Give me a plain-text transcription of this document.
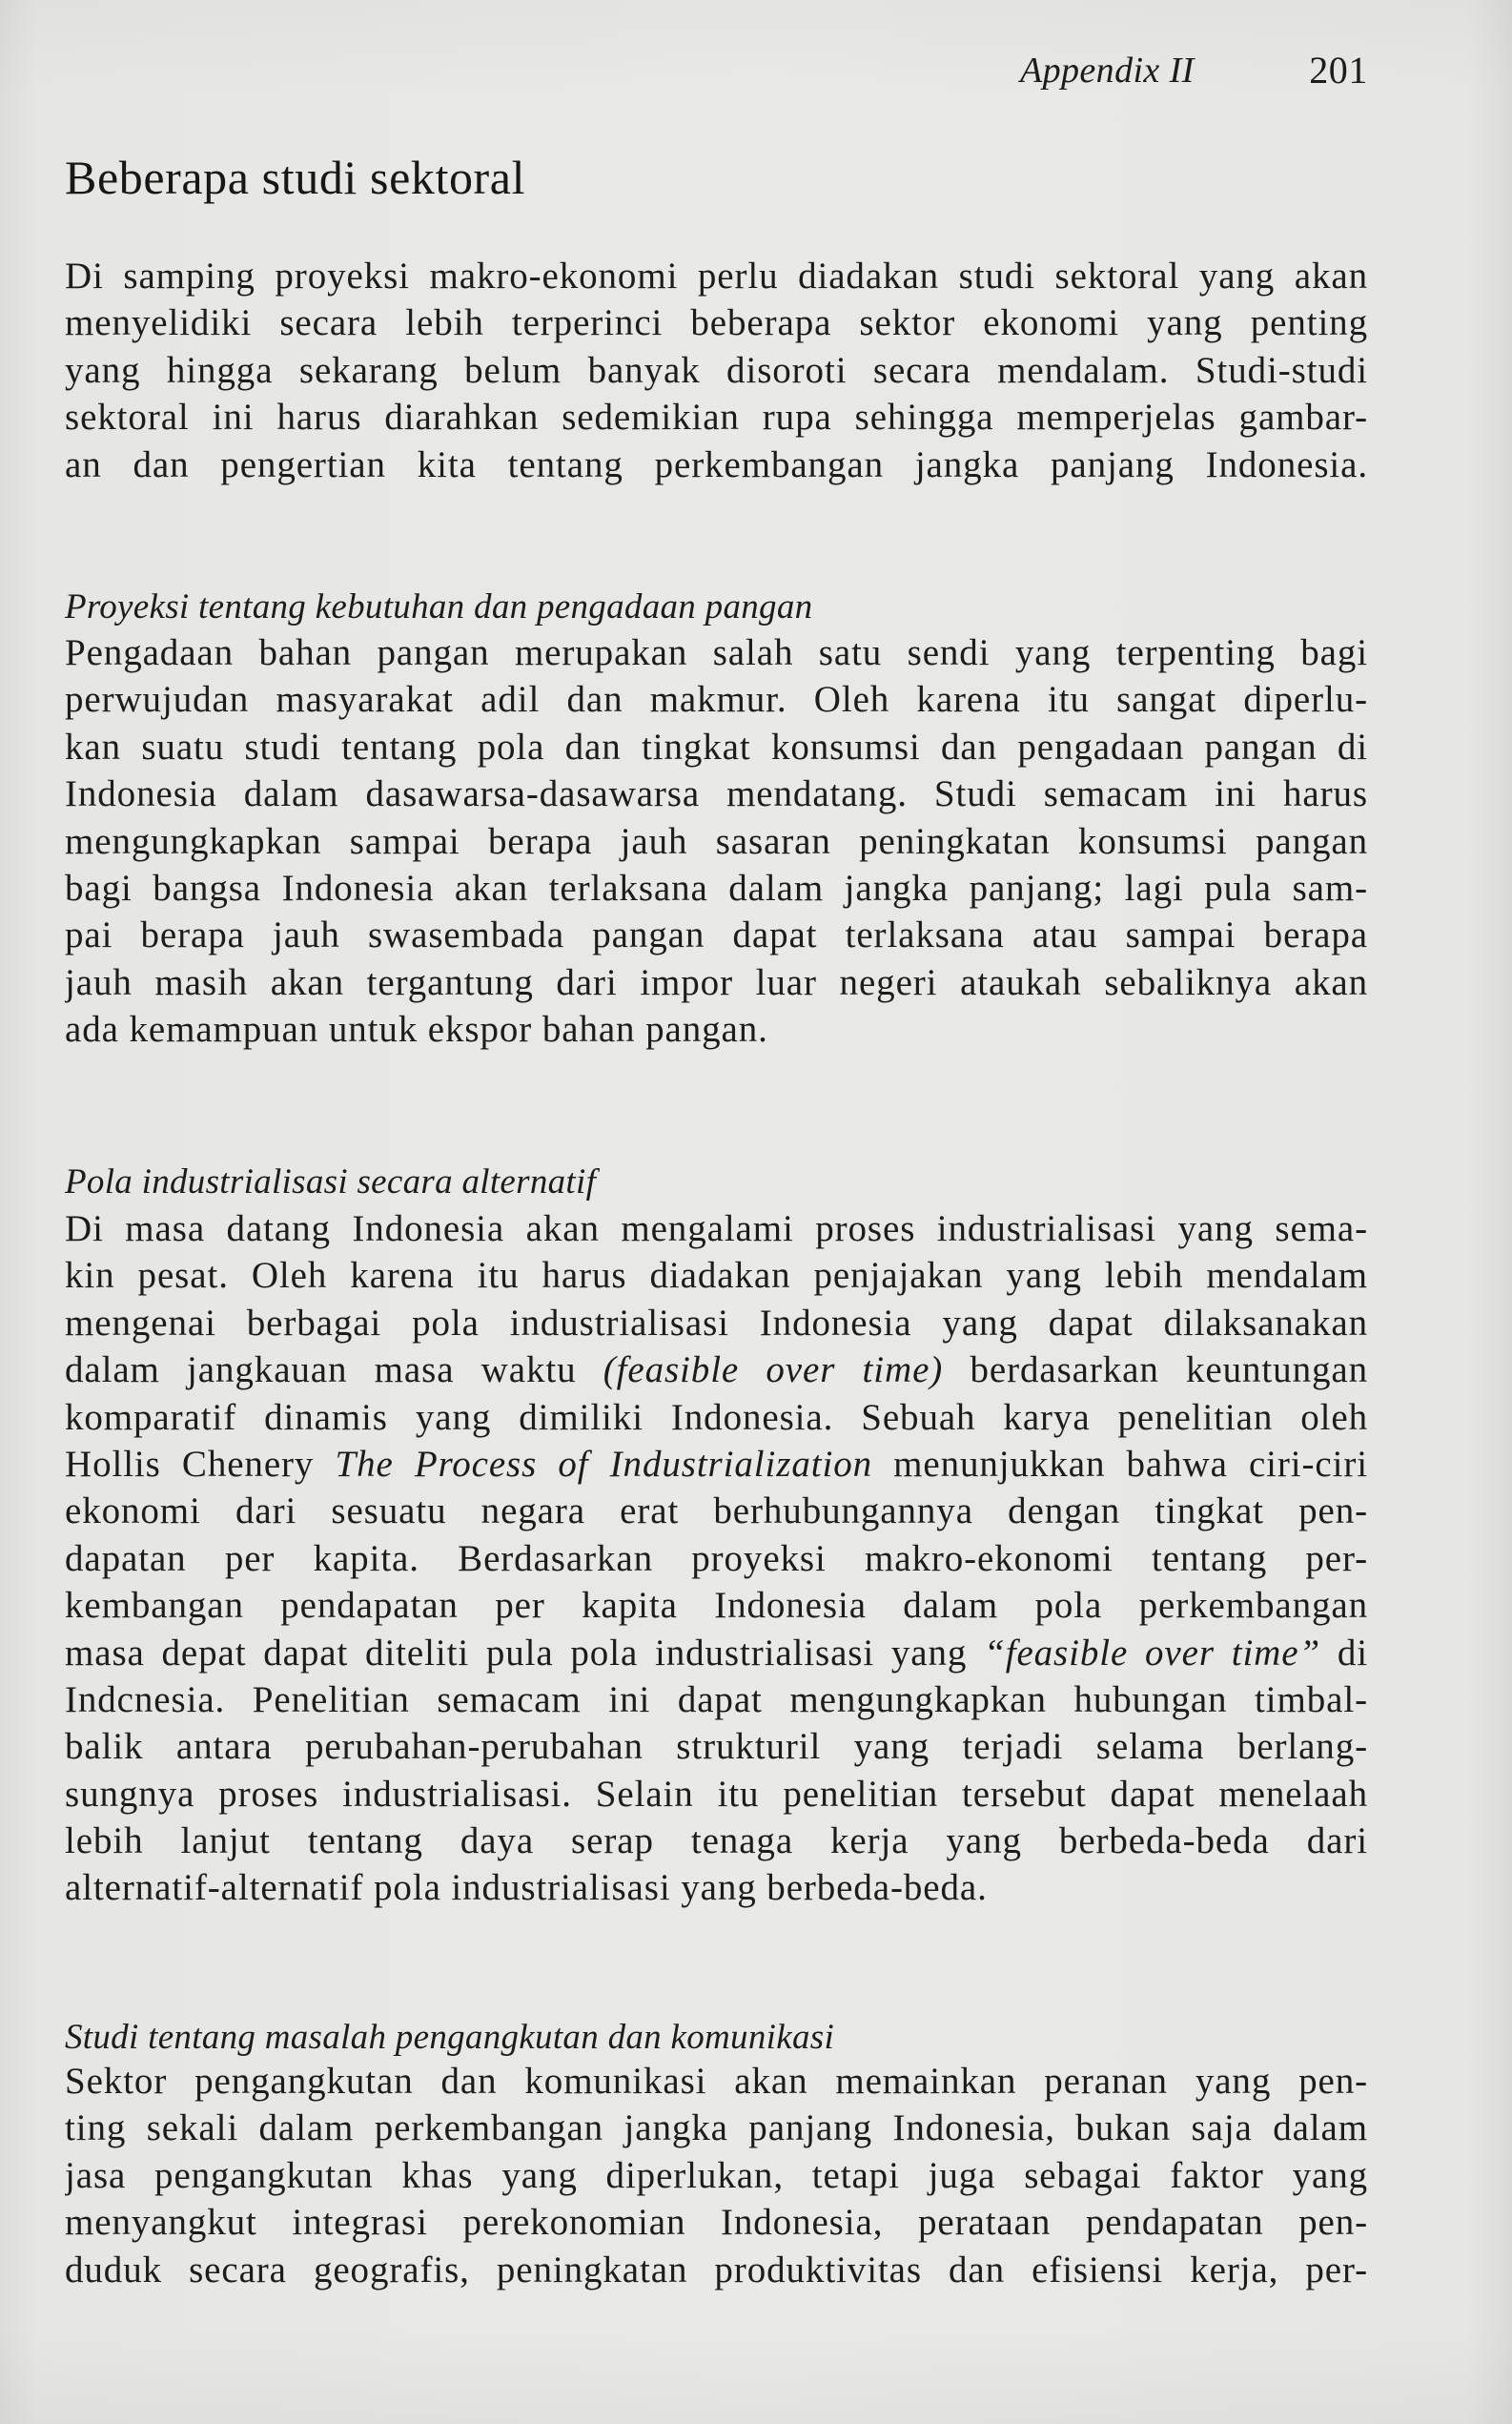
Appendix II	201
Beberapa studi sektoral
Di samping proyeksi makro-ekonomi perlu diadakan studi sektoral yang akan
menyelidiki secara lebih terperinci beberapa sektor ekonomi yang penting
yang hingga sekarang belum banyak disoroti secara mendalam. Studi-studi
sektoral ini harus diarahkan sedemikian rupa sehingga memperjelas gambar-
an dan pengertian kita tentang perkembangan jangka panjang Indonesia.
Proyeksi tentang kebutuhan dan pengadaan pangan
Pengadaan bahan pangan merupakan salah satu sendi yang terpenting bagi
perwujudan masyarakat adil dan makmur. Oleh karena itu sangat diperlu-
kan suatu studi tentang pola dan tingkat konsumsi dan pengadaan pangan di
Indonesia dalam dasawarsa-dasawarsa mendatang. Studi semacam ini harus
mengungkapkan sampai berapa jauh sasaran peningkatan konsumsi pangan
bagi bangsa Indonesia akan terlaksana dalam jangka panjang; lagi pula sam-
pai berapa jauh swasembada pangan dapat terlaksana atau sampai berapa
jauh masih akan tergantung dari impor luar negeri ataukah sebaliknya akan
ada kemampuan untuk ekspor bahan pangan.
Pola industrialisasi secara alternatif
Di masa datang Indonesia akan mengalami proses industrialisasi yang sema-
kin pesat. Oleh karena itu harus diadakan penjajakan yang lebih mendalam
mengenai berbagai pola industrialisasi Indonesia yang dapat dilaksanakan
dalam jangkauan masa waktu (feasible over time) berdasarkan keuntungan
komparatif dinamis yang dimiliki Indonesia. Sebuah karya penelitian oleh
Hollis Chenery The Process of Industrialization menunjukkan bahwa ciri-ciri
ekonomi dari sesuatu negara erat berhubungannya dengan tingkat pen-
dapatan per kapita. Berdasarkan proyeksi makro-ekonomi tentang per-
kembangan pendapatan per kapita Indonesia dalam pola perkembangan
masa depat dapat diteliti pula pola industrialisasi yang “feasible over time” di
Indcnesia. Penelitian semacam ini dapat mengungkapkan hubungan timbal-
balik antara perubahan-perubahan strukturil yang terjadi selama berlang-
sungnya proses industrialisasi. Selain itu penelitian tersebut dapat menelaah
lebih lanjut tentang daya serap tenaga kerja yang berbeda-beda dari
alternatif-alternatif pola industrialisasi yang berbeda-beda.
Studi tentang masalah pengangkutan dan komunikasi
Sektor pengangkutan dan komunikasi akan memainkan peranan yang pen-
ting sekali dalam perkembangan jangka panjang Indonesia, bukan saja dalam
jasa pengangkutan khas yang diperlukan, tetapi juga sebagai faktor yang
menyangkut integrasi perekonomian Indonesia, perataan pendapatan pen-
duduk secara geografis, peningkatan produktivitas dan efisiensi kerja, per-
